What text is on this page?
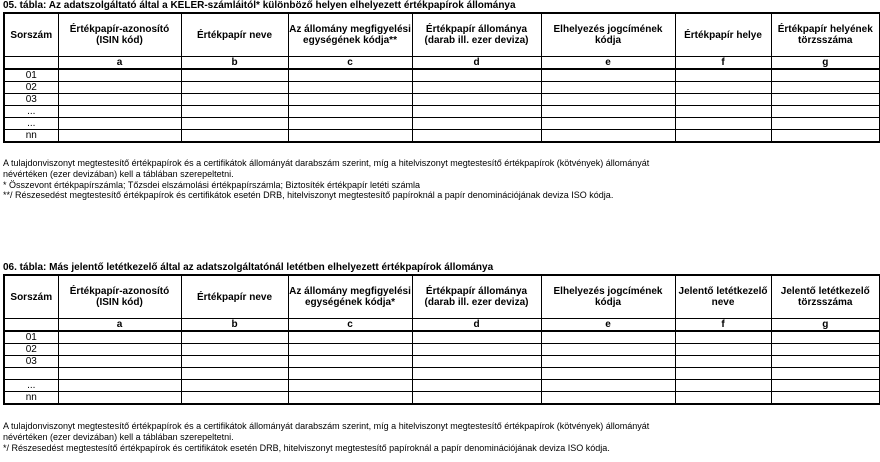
05. tábla: Az adatszolgáltató által a KELER-számláitól* különböző helyen elhelyezett értékpapírok állománya
Sorszám	Értékpapír-azonosító (ISIN kód)	Értékpapír neve	Az állomány megfigyelési egységének kódja**	Értékpapír állománya (darab ill. ezer deviza)	Elhelyezés jogcímének kódja	Értékpapír helye	Értékpapír helyének törzsszáma
	a	b	c	d	e	f	g
01							
02							
03							
...							
...							
nn							
A tulajdonviszonyt megtestesítő értékpapírok és a certifikátok állományát darabszám szerint, míg a hitelviszonyt megtestesítő értékpapírok (kötvények) állományát
névértéken (ezer devizában) kell a táblában szerepeltetni.
* Összevont értékpapírszámla; Tőzsdei elszámolási értékpapírszámla; Biztosíték értékpapír letéti számla
**/ Részesedést megtestesítő értékpapírok és certifikátok esetén DRB, hitelviszonyt megtestesítő papíroknál a papír denominációjának deviza ISO kódja.
06. tábla: Más jelentő letétkezelő által az adatszolgáltatónál letétben elhelyezett értékpapírok állománya
Sorszám	Értékpapír-azonosító (ISIN kód)	Értékpapír neve	Az állomány megfigyelési egységének kódja*	Értékpapír állománya (darab ill. ezer deviza)	Elhelyezés jogcímének kódja	Jelentő letétkezelő neve	Jelentő letétkezelő törzsszáma
	a	b	c	d	e	f	g
01							
02							
03							

...							
nn							
A tulajdonviszonyt megtestesítő értékpapírok és a certifikátok állományát darabszám szerint, míg a hitelviszonyt megtestesítő értékpapírok (kötvények) állományát
névértéken (ezer devizában) kell a táblában szerepeltetni.
*/ Részesedést megtestesítő értékpapírok és certifikátok esetén DRB, hitelviszonyt megtestesítő papíroknál a papír denominációjának deviza ISO kódja.
